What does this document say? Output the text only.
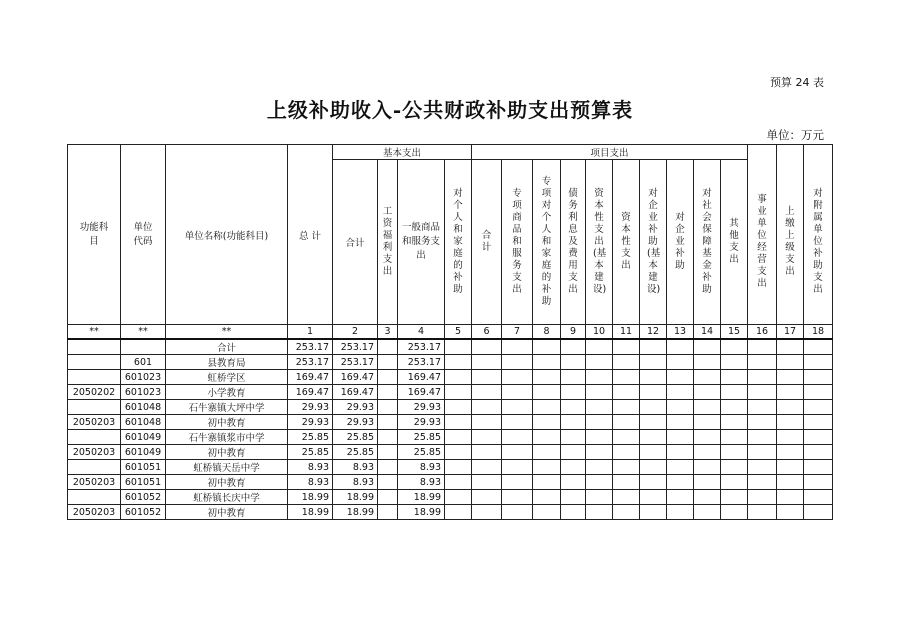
预算 24 表
上级补助收入-公共财政补助支出预算表
单位：万元
功能科目	单位代码	单位名称(功能科目)	总 计	基本支出				项目支出												
				合计	工资福利支出	一般商品和服务支出	对个人和家庭的补助	合计	专项商品和服务支出	专项对个人和家庭的补助	债务利息及费用支出	资本性支出(基本建设)	资本性支出	对企业补助(基本建设)	对企业补助	对社会保障基金补助	其他支出	事业单位经营支出	上缴上级支出	对附属单位补助支出
**	**	**	1	2	3	4	5	6	7	8	9	10	11	12	13	14	15	16	17	18
		合计	253.17	253.17		253.17														
	601	县教育局	253.17	253.17		253.17														
	601023	虹桥学区	169.47	169.47		169.47														
2050202	601023	小学教育	169.47	169.47		169.47														
	601048	石牛寨镇大坪中学	29.93	29.93		29.93														
2050203	601048	初中教育	29.93	29.93		29.93														
	601049	石牛寨镇浆市中学	25.85	25.85		25.85														
2050203	601049	初中教育	25.85	25.85		25.85														
	601051	虹桥镇天岳中学	8.93	8.93		8.93														
2050203	601051	初中教育	8.93	8.93		8.93														
	601052	虹桥镇长庆中学	18.99	18.99		18.99														
2050203	601052	初中教育	18.99	18.99		18.99														
